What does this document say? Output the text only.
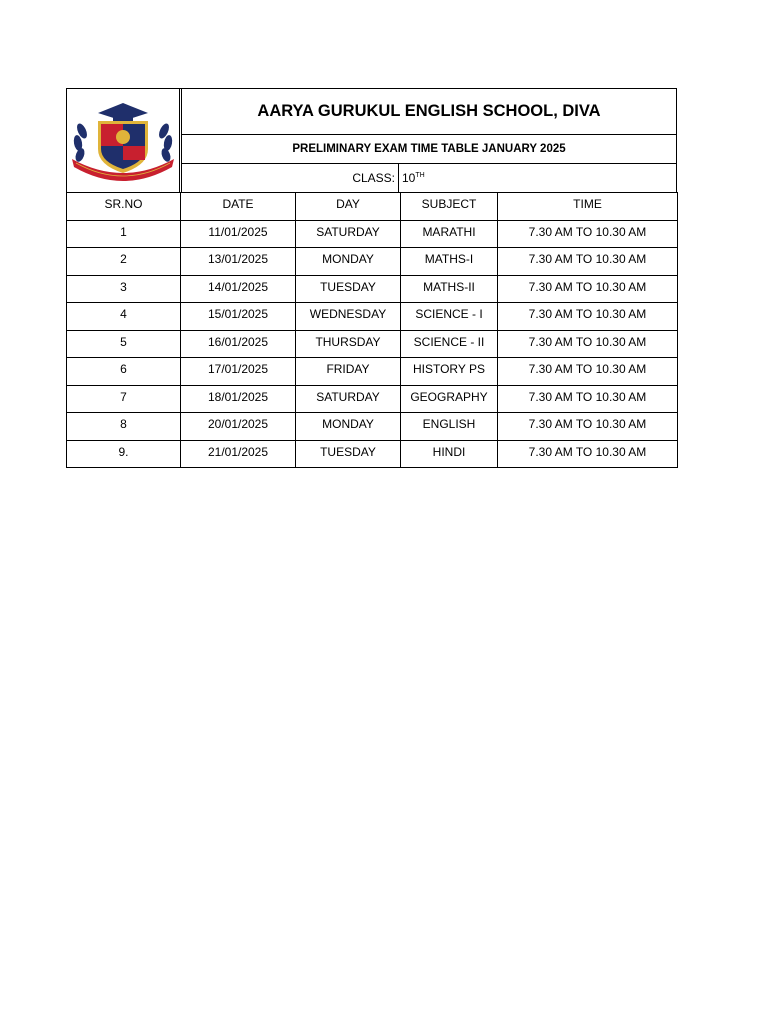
AARYA GURUKUL ENGLISH SCHOOL, DIVA
PRELIMINARY EXAM TIME TABLE JANUARY 2025
CLASS: 10TH
SR.NO	DATE	DAY	SUBJECT	TIME
1	11/01/2025	SATURDAY	MARATHI	7.30 AM TO 10.30 AM
2	13/01/2025	MONDAY	MATHS-I	7.30 AM TO 10.30 AM
3	14/01/2025	TUESDAY	MATHS-II	7.30 AM TO 10.30 AM
4	15/01/2025	WEDNESDAY	SCIENCE - I	7.30 AM TO 10.30 AM
5	16/01/2025	THURSDAY	SCIENCE - II	7.30 AM TO 10.30 AM
6	17/01/2025	FRIDAY	HISTORY PS	7.30 AM TO 10.30 AM
7	18/01/2025	SATURDAY	GEOGRAPHY	7.30 AM TO 10.30 AM
8	20/01/2025	MONDAY	ENGLISH	7.30 AM TO 10.30 AM
9.	21/01/2025	TUESDAY	HINDI	7.30 AM TO 10.30 AM
